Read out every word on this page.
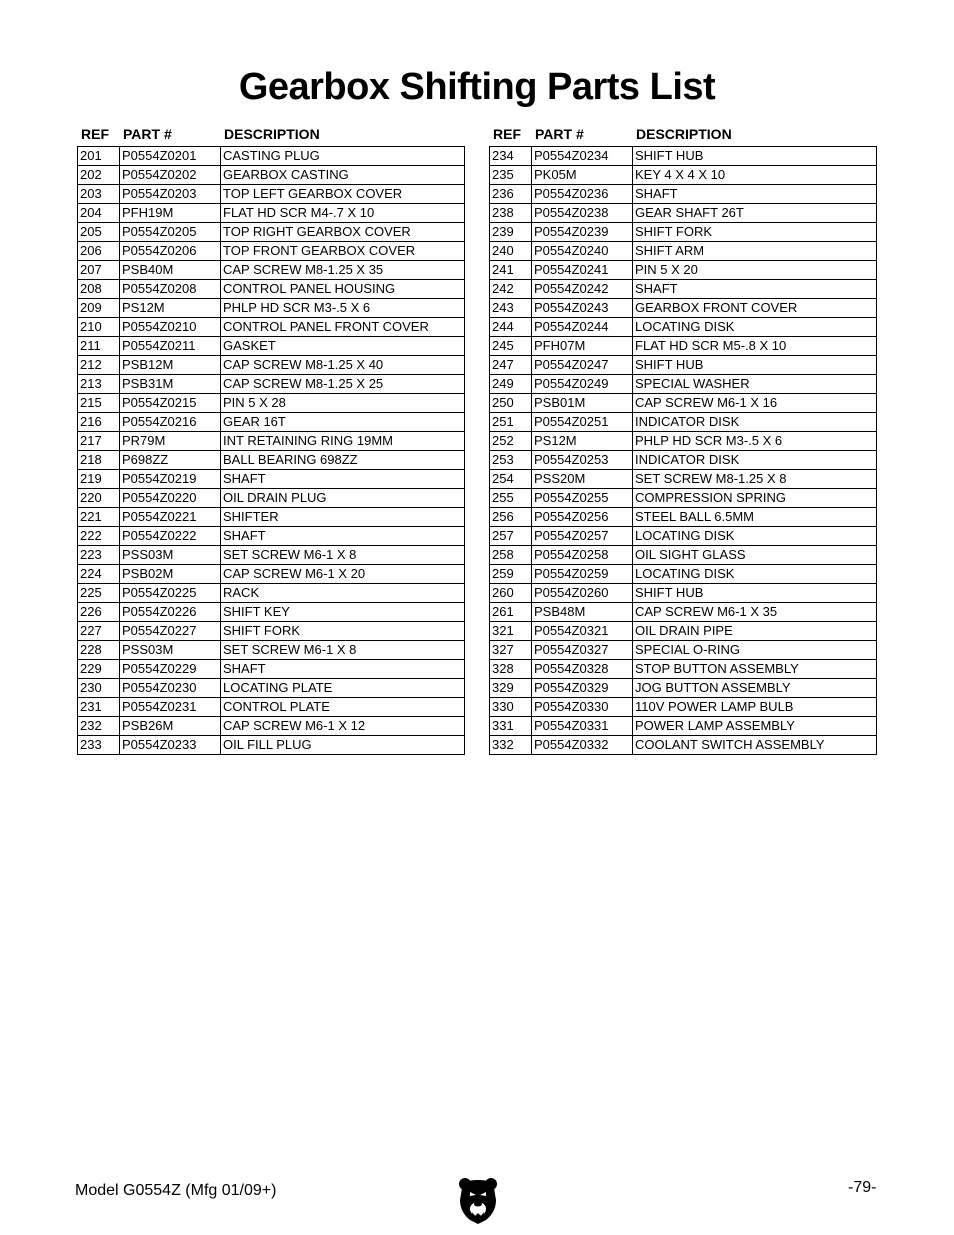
Gearbox Shifting Parts List
REF PART #	DESCRIPTION
201	P0554Z0201	CASTING PLUG
202	P0554Z0202	GEARBOX CASTING
203	P0554Z0203	TOP LEFT GEARBOX COVER
204	PFH19M	FLAT HD SCR M4-.7 X 10
205	P0554Z0205	TOP RIGHT GEARBOX COVER
206	P0554Z0206	TOP FRONT GEARBOX COVER
207	PSB40M	CAP SCREW M8-1.25 X 35
208	P0554Z0208	CONTROL PANEL HOUSING
209	PS12M	PHLP HD SCR M3-.5 X 6
210	P0554Z0210	CONTROL PANEL FRONT COVER
211	P0554Z0211	GASKET
212	PSB12M	CAP SCREW M8-1.25 X 40
213	PSB31M	CAP SCREW M8-1.25 X 25
215	P0554Z0215	PIN 5 X 28
216	P0554Z0216	GEAR 16T
217	PR79M	INT RETAINING RING 19MM
218	P698ZZ	BALL BEARING 698ZZ
219	P0554Z0219	SHAFT
220	P0554Z0220	OIL DRAIN PLUG
221	P0554Z0221	SHIFTER
222	P0554Z0222	SHAFT
223	PSS03M	SET SCREW M6-1 X 8
224	PSB02M	CAP SCREW M6-1 X 20
225	P0554Z0225	RACK
226	P0554Z0226	SHIFT KEY
227	P0554Z0227	SHIFT FORK
228	PSS03M	SET SCREW M6-1 X 8
229	P0554Z0229	SHAFT
230	P0554Z0230	LOCATING PLATE
231	P0554Z0231	CONTROL PLATE
232	PSB26M	CAP SCREW M6-1 X 12
233	P0554Z0233	OIL FILL PLUG
REF PART #	DESCRIPTION
234	P0554Z0234	SHIFT HUB
235	PK05M	KEY 4 X 4 X 10
236	P0554Z0236	SHAFT
238	P0554Z0238	GEAR SHAFT 26T
239	P0554Z0239	SHIFT FORK
240	P0554Z0240	SHIFT ARM
241	P0554Z0241	PIN 5 X 20
242	P0554Z0242	SHAFT
243	P0554Z0243	GEARBOX FRONT COVER
244	P0554Z0244	LOCATING DISK
245	PFH07M	FLAT HD SCR M5-.8 X 10
247	P0554Z0247	SHIFT HUB
249	P0554Z0249	SPECIAL WASHER
250	PSB01M	CAP SCREW M6-1 X 16
251	P0554Z0251	INDICATOR DISK
252	PS12M	PHLP HD SCR M3-.5 X 6
253	P0554Z0253	INDICATOR DISK
254	PSS20M	SET SCREW M8-1.25 X 8
255	P0554Z0255	COMPRESSION SPRING
256	P0554Z0256	STEEL BALL 6.5MM
257	P0554Z0257	LOCATING DISK
258	P0554Z0258	OIL SIGHT GLASS
259	P0554Z0259	LOCATING DISK
260	P0554Z0260	SHIFT HUB
261	PSB48M	CAP SCREW M6-1 X 35
321	P0554Z0321	OIL DRAIN PIPE
327	P0554Z0327	SPECIAL O-RING
328	P0554Z0328	STOP BUTTON ASSEMBLY
329	P0554Z0329	JOG BUTTON ASSEMBLY
330	P0554Z0330	110V POWER LAMP BULB
331	P0554Z0331	POWER LAMP ASSEMBLY
332	P0554Z0332	COOLANT SWITCH ASSEMBLY
Model G0554Z (Mfg 01/09+)	-79-
